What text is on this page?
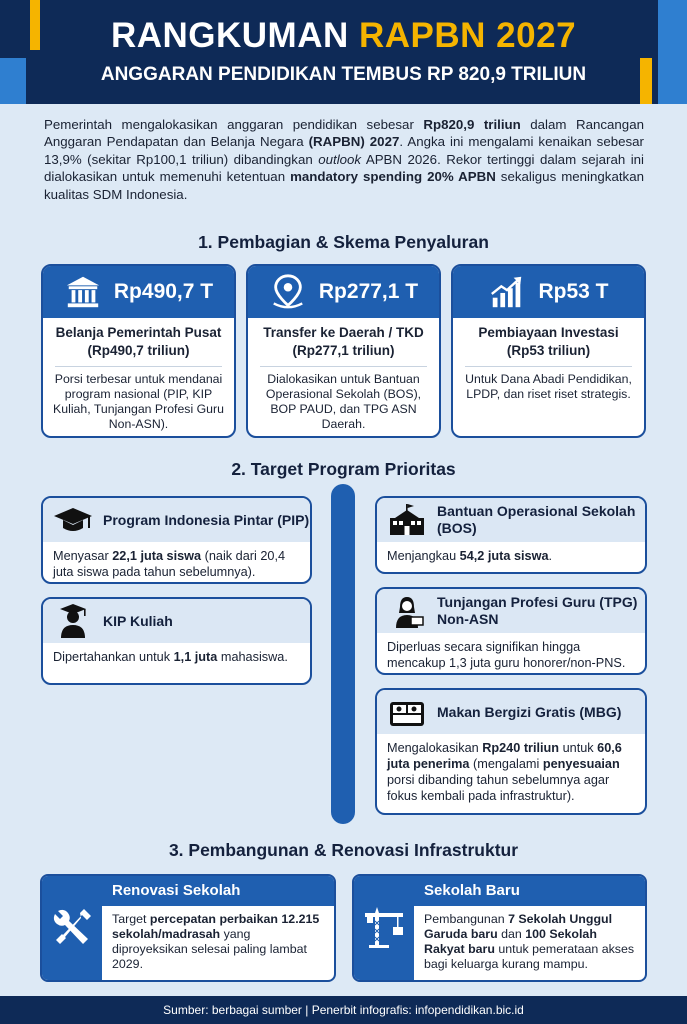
RANGKUMAN RAPBN 2027
ANGGARAN PENDIDIKAN TEMBUS RP 820,9 TRILIUN
Pemerintah mengalokasikan anggaran pendidikan sebesar Rp820,9 triliun dalam Rancangan Anggaran Pendapatan dan Belanja Negara (RAPBN) 2027. Angka ini mengalami kenaikan sebesar 13,9% (sekitar Rp100,1 triliun) dibandingkan outlook APBN 2026. Rekor tertinggi dalam sejarah ini dialokasikan untuk memenuhi ketentuan mandatory spending 20% APBN sekaligus meningkatkan kualitas SDM Indonesia.
1. Pembagian & Skema Penyaluran
Rp490,7 T
Belanja Pemerintah Pusat (Rp490,7 triliun)
Porsi terbesar untuk mendanai program nasional (PIP, KIP Kuliah, Tunjangan Profesi Guru Non-ASN).
Rp277,1 T
Transfer ke Daerah / TKD (Rp277,1 triliun)
Dialokasikan untuk Bantuan Operasional Sekolah (BOS), BOP PAUD, dan TPG ASN Daerah.
Rp53 T
Pembiayaan Investasi (Rp53 triliun)
Untuk Dana Abadi Pendidikan, LPDP, dan riset riset strategis.
2. Target Program Prioritas
Program Indonesia Pintar (PIP)
Menyasar 22,1 juta siswa (naik dari 20,4 juta siswa pada tahun sebelumnya).
KIP Kuliah
Dipertahankan untuk 1,1 juta mahasiswa.
Bantuan Operasional Sekolah (BOS)
Menjangkau 54,2 juta siswa.
Tunjangan Profesi Guru (TPG) Non-ASN
Diperluas secara signifikan hingga mencakup 1,3 juta guru honorer/non-PNS.
Makan Bergizi Gratis (MBG)
Mengalokasikan Rp240 triliun untuk 60,6 juta penerima (mengalami penyesuaian porsi dibanding tahun sebelumnya agar fokus kembali pada infrastruktur).
3. Pembangunan & Renovasi Infrastruktur
Renovasi Sekolah
Target percepatan perbaikan 12.215 sekolah/madrasah yang diproyeksikan selesai paling lambat 2029.
Sekolah Baru
Pembangunan 7 Sekolah Unggul Garuda baru dan 100 Sekolah Rakyat baru untuk pemerataan akses bagi keluarga kurang mampu.
Sumber: berbagai sumber | Penerbit infografis: infopendidikan.bic.id
